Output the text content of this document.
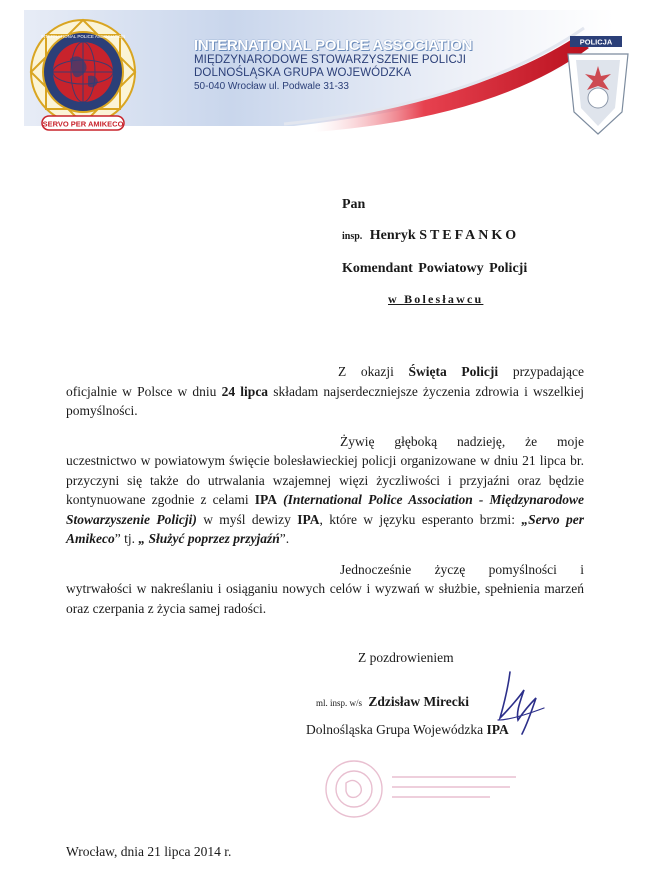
SERVO PER AMIKECO
INTERNATIONAL POLICE ASSOCIATION
INTERNATIONAL POLICE ASSOCIATION
MIĘDZYNARODOWE STOWARZYSZENIE POLICJI
DOLNOŚLĄSKA GRUPA WOJEWÓDZKA
50-040 Wrocław ul. Podwale 31-33
POLICJA
Pan
insp. Henryk STEFANKO
Komendant Powiatowy Policji
w Bolesławcu

Z okazji Święta Policji przypadające oficjalnie w Polsce w dniu 24 lipca składam najserdeczniejsze życzenia zdrowia i wszelkiej pomyślności.

Żywię głęboką nadzieję, że moje uczestnictwo w powiatowym święcie bolesławieckiej policji organizowane w dniu 21 lipca br. przyczyni się także do utrwalania wzajemnej więzi życzliwości i przyjaźni oraz będzie kontynuowane zgodnie z celami IPA (International Police Association - Międzynarodowe Stowarzyszenie Policji) w myśl dewizy IPA, które w języku esperanto brzmi: „Servo per Amikeco” tj. „ Służyć poprzez przyjaźń”.

Jednocześnie życzę pomyślności i wytrwałości w nakreślaniu i osiąganiu nowych celów i wyzwań w służbie, spełnienia marzeń oraz czerpania z życia samej radości.

Z pozdrowieniem
ml. insp. w/s Zdzisław Mirecki
Dolnośląska Grupa Wojewódzka IPA
Wrocław, dnia 21 lipca 2014 r.
